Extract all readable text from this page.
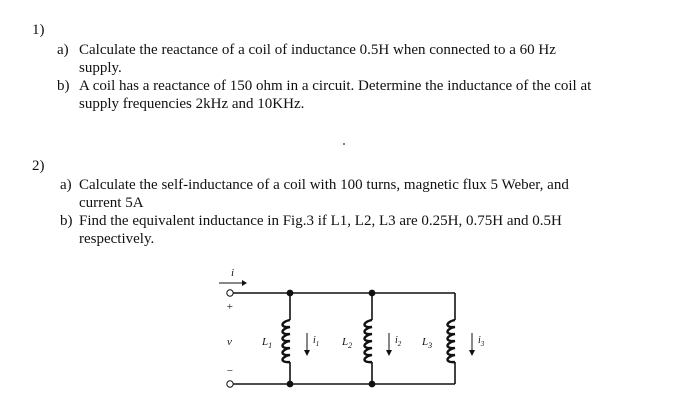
1)
a) Calculate the reactance of a coil of inductance 0.5H when connected to a 60 Hz
supply.
b) A coil has a reactance of 150 ohm in a circuit. Determine the inductance of the coil at
supply frequencies 2kHz and 10KHz.
2)
a) Calculate the self-inductance of a coil with 100 turns, magnetic flux 5 Weber, and
current 5A
b) Find the equivalent inductance in Fig.3 if L1, L2, L3 are 0.25H, 0.75H and 0.5H
respectively.
i
+
v
−
$L_1$	$i_1$ $L_2$	$i_2$ $L_3$	$i_3$
